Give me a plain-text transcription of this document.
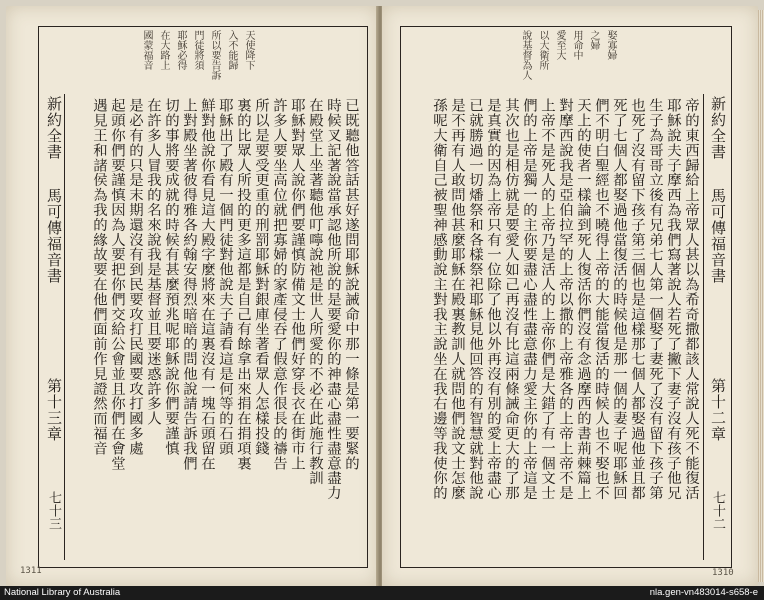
天使降下
入不能歸
所以要告訴
門徒將須
耶穌必得
在大路上
國蒙福音
新約全書
馬可傳福音書
第十三章
七十三
已既聽他答話甚好遂問耶穌說誡命中那一條是第一要緊的
時候叉記著說當承認他所說的是要愛你的神盡心盡性盡意盡力
在殿堂上坐著聽他叮嚀說祂是世人所愛的不必在此施行教訓
耶穌對眾人說你們要謹慎防備文士他們好穿長衣在街市上
許多人要坐高位就把寡婦的家產侵吞了假意作很長的禱告
所以是要受更重的刑罰耶穌對銀庫坐著看眾人怎樣投錢
裏的比眾人所投的更多這都是自己有餘拿出來捐在捐項裏
耶穌出了殿有一個門徒對他說夫子請看這是何等的石頭
鮮對他說你看見這大殿字麼將來在這裏沒有一塊石頭留在
上對殿坐著彼得雅各約翰安得烈暗暗的問他說請告訴我們
切的事將要成就的時候有甚麼預兆呢耶穌說你們要謹慎
在許多人冒我的名來說我是基督並且要迷惑許多人
是必有的只是末期還沒有到民要攻打民國要攻打國多處
起頭你們要謹慎因為人要把你們交給公會並且你們在會堂
遇見王和諸侯為我的緣故要在他們面前作見證然而福音
1311
娶寡婦
之婦
用命中
愛至大
以大衛所
說基督為人
帝的東西歸給上帝眾人甚以為希奇撒都該人常說人死不能復活
耶穌說夫子摩西為我們寫著說人若死了撇下妻子沒有孩子他兄
生子為哥哥立後有兄弟七人第一個娶了妻死了沒有留下孩子第
也死了沒有留下孩子第三個也是這樣那七個人都娶過他並且都
死了七個人都娶過他當復活的時候他是那一個的妻子呢耶穌回
們不明白聖經也不曉得上帝的大能當復活的時候人也不娶也不
天上的使者一樣論到死人復活你們沒有念過摩西的書荊棘篇上
對摩西說我是亞伯拉罕的上帝以撒的上帝雅各的上帝上帝不是
上帝不是死人的上帝乃是活人的上帝你們是大錯了有一個文士
們的上帝是獨一的主你要盡心盡性盡意盡力愛主你的上帝這是
其次也是相仿就是要愛人如己再沒有比這兩條誡命更大的了那
是真實的因為上帝只有一位除了他以外再沒有別的愛上帝盡心
已就勝過一切燔祭和各樣祭祀耶穌見他回答的有智慧就對他說
是不再有人敢問他甚麼耶穌在殿裏教訓人就問他們說文士怎麼
孫呢大衛自己被聖神感動說主對我主說坐在我右邊等我使你的
新約全書
馬可傳福音書
第十二章
七十二
1310
National Library of Australia	nla.gen-vn483014-s658-e
